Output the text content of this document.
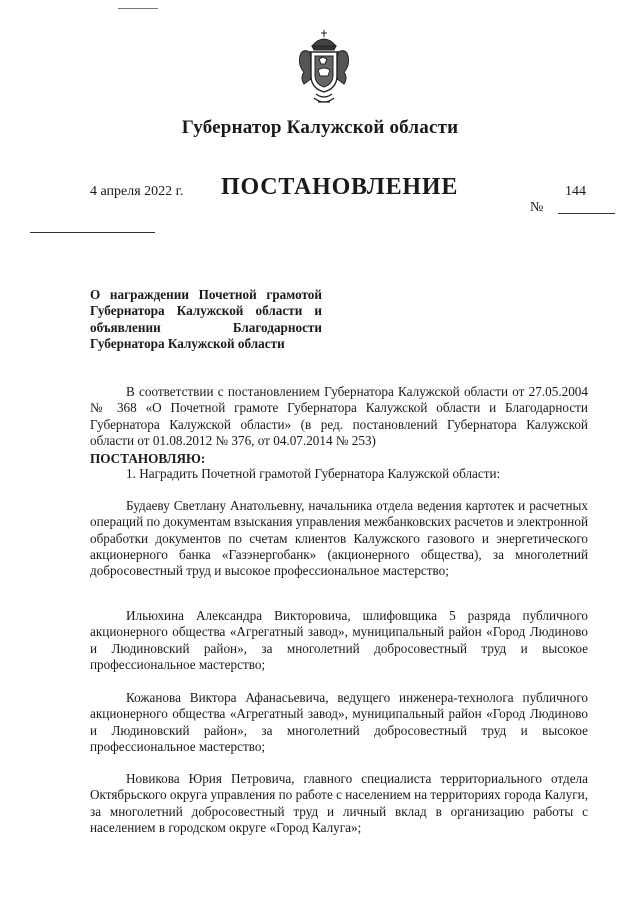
Губернатор Калужской области
4 апреля 2022 г. ПОСТАНОВЛЕНИЕ	144
№
О награждении Почетной грамотой Губернатора Калужской области и объявлении Благодарности Губернатора Калужской области
В соответствии с постановлением Губернатора Калужской области от 27.05.2004 № 368 «О Почетной грамоте Губернатора Калужской области и Благодарности Губернатора Калужской области» (в ред. постановлений Губернатора Калужской области от 01.08.2012 № 376, от 04.07.2014 № 253)
ПОСТАНОВЛЯЮ:
1. Наградить Почетной грамотой Губернатора Калужской области:
Будаеву Светлану Анатольевну, начальника отдела ведения картотек и расчетных операций по документам взыскания управления межбанковских расчетов и электронной обработки документов по счетам клиентов Калужского газового и энергетического акционерного банка «Газэнергобанк» (акционерного общества), за многолетний добросовестный труд и высокое профессиональное мастерство;
Ильюхина Александра Викторовича, шлифовщика 5 разряда публичного акционерного общества «Агрегатный завод», муниципальный район «Город Людиново и Людиновский район», за многолетний добросовестный труд и высокое профессиональное мастерство;
Кожанова Виктора Афанасьевича, ведущего инженера-технолога публичного акционерного общества «Агрегатный завод», муниципальный район «Город Людиново и Людиновский район», за многолетний добросовестный труд и высокое профессиональное мастерство;
Новикова Юрия Петровича, главного специалиста территориального отдела Октябрьского округа управления по работе с населением на территориях города Калуги, за многолетний добросовестный труд и личный вклад в организацию работы с населением в городском округе «Город Калуга»;
